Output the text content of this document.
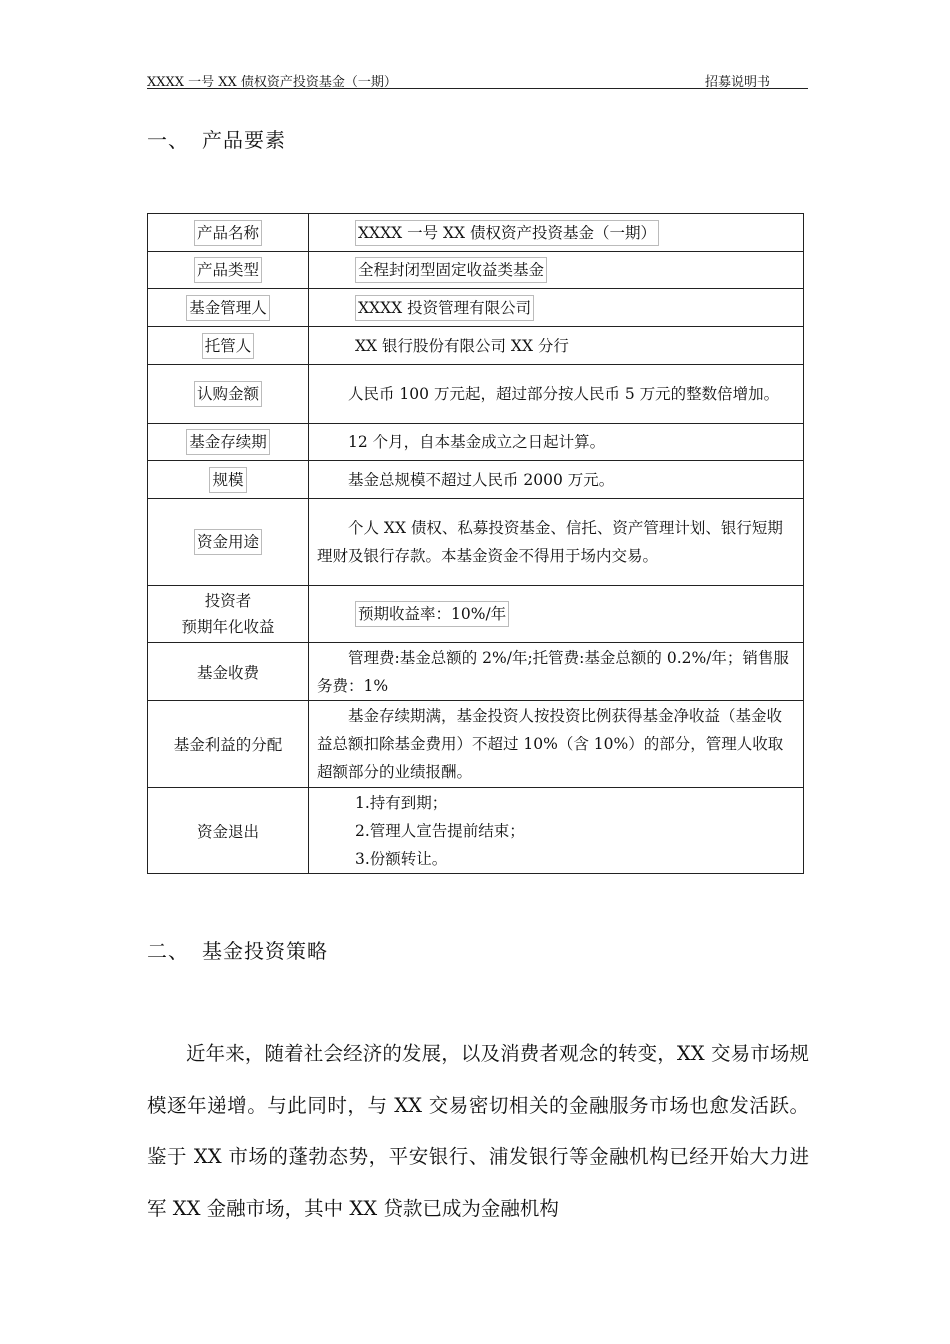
XXXX 一号 XX 债权资产投资基金（一期）	招募说明书
一、 产品要素
产品名称	XXXX 一号 XX 债权资产投资基金（一期）
产品类型	全程封闭型固定收益类基金
基金管理人	XXXX 投资管理有限公司
托管人	XX 银行股份有限公司 XX 分行
认购金额	　　人民币 100 万元起，超过部分按人民币 5 万元的整数倍增加。
基金存续期	　　12 个月，自本基金成立之日起计算。
规模	　　基金总规模不超过人民币 2000 万元。
资金用途	　　个人 XX 债权、私募投资基金、信托、资产管理计划、银行短期理财及银行存款。本基金资金不得用于场内交易。

投资者
预期年化收益	预期收益率：10%/年
基金收费	　　管理费:基金总额的 2%/年;托管费:基金总额的 0.2%/年；销售服务费：1%
基金利益的分配	　　基金存续期满，基金投资人按投资比例获得基金净收益（基金收益总额扣除基金费用）不超过 10%（含 10%）的部分，管理人收取超额部分的业绩报酬。
资金退出	1.持有到期；
2.管理人宣告提前结束；
3.份额转让。
二、 基金投资策略

近年来，随着社会经济的发展，以及消费者观念的转变，XX 交易市场规模逐年递增。与此同时，与 XX 交易密切相关的金融服务市场也愈发活跃。鉴于 XX 市场的蓬勃态势，平安银行、浦发银行等金融机构已经开始大力进军 XX 金融市场，其中 XX 贷款已成为金融机构
